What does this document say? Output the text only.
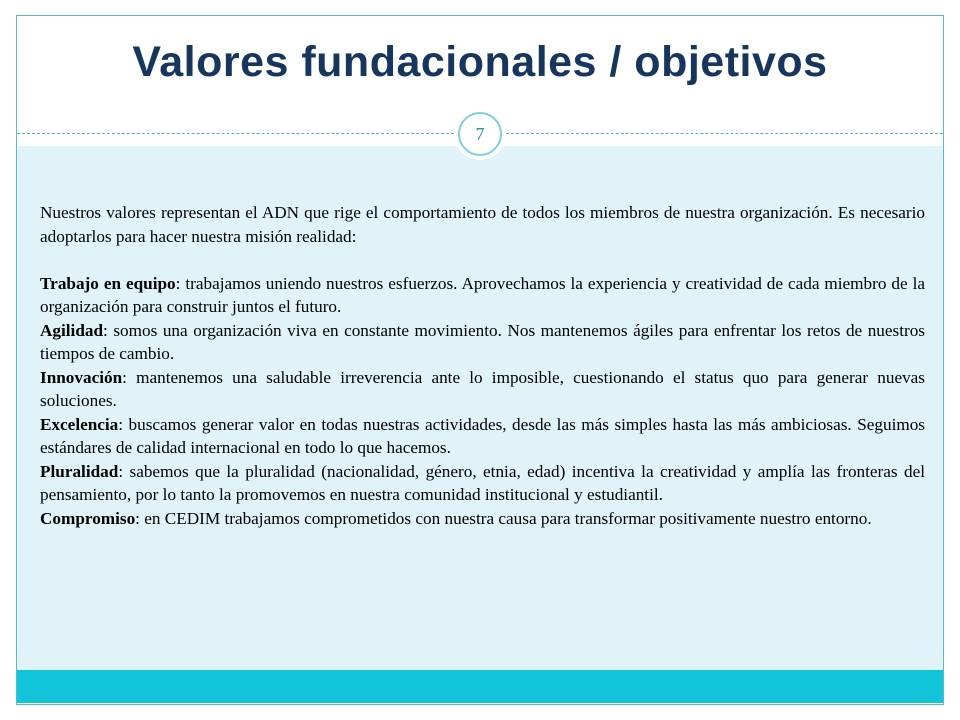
Valores fundacionales / objetivos
7

Nuestros valores representan el ADN que rige el comportamiento de todos los miembros de nuestra organización. Es necesario adoptarlos para hacer nuestra misión realidad:

Trabajo en equipo: trabajamos uniendo nuestros esfuerzos. Aprovechamos la experiencia y creatividad de cada miembro de la organización para construir juntos el futuro.

Agilidad: somos una organización viva en constante movimiento. Nos mantenemos ágiles para enfrentar los retos de nuestros tiempos de cambio.

Innovación: mantenemos una saludable irreverencia ante lo imposible, cuestionando el status quo para generar nuevas soluciones.

Excelencia: buscamos generar valor en todas nuestras actividades, desde las más simples hasta las más ambiciosas. Seguimos estándares de calidad internacional en todo lo que hacemos.

Pluralidad: sabemos que la pluralidad (nacionalidad, género, etnia, edad) incentiva la creatividad y amplía las fronteras del pensamiento, por lo tanto la promovemos en nuestra comunidad institucional y estudiantil.

Compromiso: en CEDIM trabajamos comprometidos con nuestra causa para transformar positivamente nuestro entorno.
